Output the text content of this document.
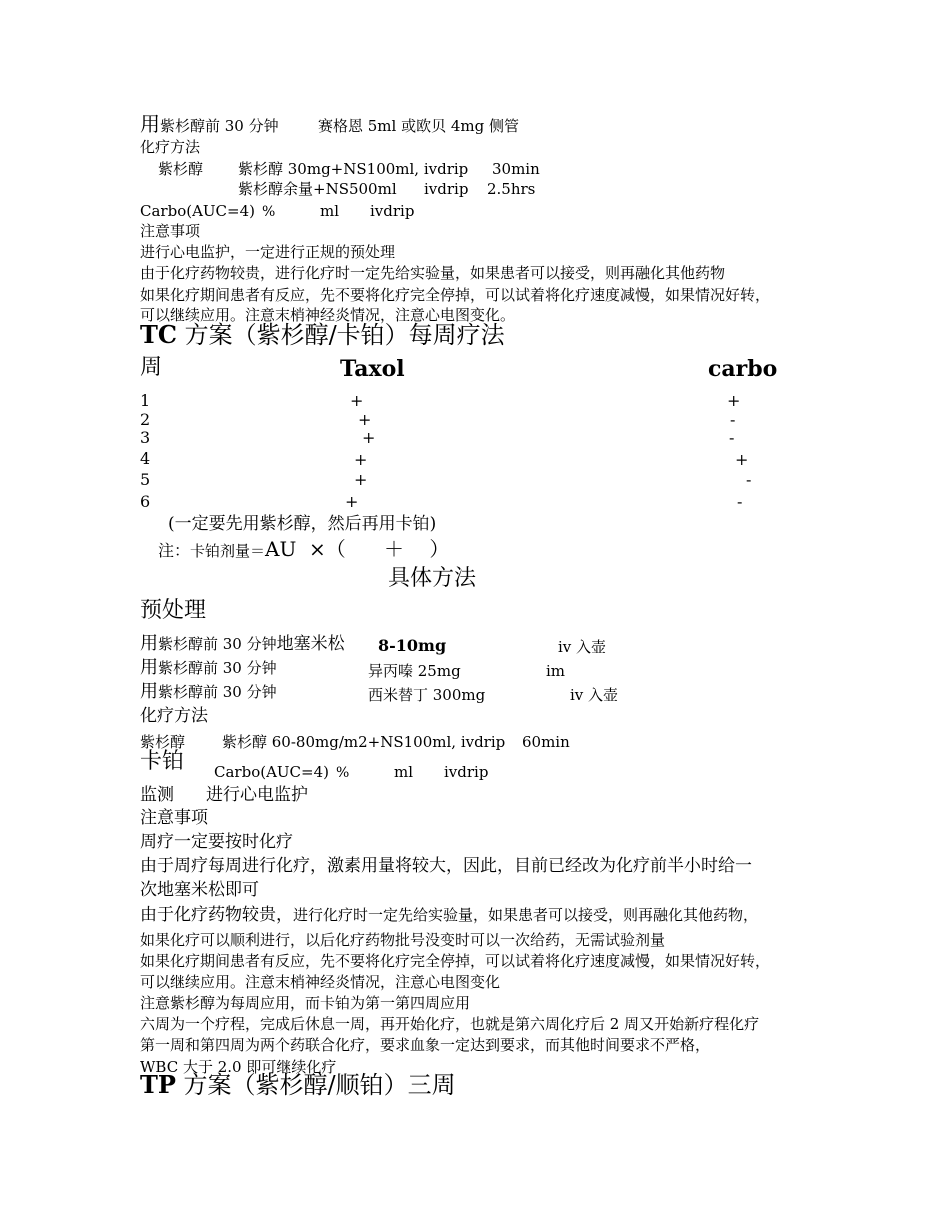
用紫杉醇前 30 分钟	赛格恩 5ml 或欧贝 4mg 侧管
化疗方法
紫杉醇 紫杉醇 30mg+NS100ml, ivdrip 30min
紫杉醇余量+NS500ml ivdrip 2.5hrs
Carbo(AUC=4) %	ml ivdrip
注意事项
进行心电监护，一定进行正规的预处理
由于化疗药物较贵，进行化疗时一定先给实验量，如果患者可以接受，则再融化其他药物
如果化疗期间患者有反应，先不要将化疗完全停掉，可以试着将化疗速度减慢，如果情况好转，
可以继续应用。注意末梢神经炎情况，注意心电图变化。
TC 方案（紫杉醇/卡铂）每周疗法
周	Taxol	carbo
1	+	+
2	+	-
3	+	-
4	+	+
5	+	-
6	+	-
(一定要先用紫杉醇，然后再用卡铂)
注：卡铂剂量＝AU  ×（      ＋    ）
具体方法
预处理
用紫杉醇前 30 分钟地塞米松 8-10mg	iv 入壶
用紫杉醇前 30 分钟	异丙嗪 25mg	im
用紫杉醇前 30 分钟	西米替丁 300mg	iv 入壶
化疗方法
紫杉醇 紫杉醇 60-80mg/m2+NS100ml, ivdrip 60min
卡铂 Carbo(AUC=4) %	ml ivdrip
监测 进行心电监护
注意事项
周疗一定要按时化疗
由于周疗每周进行化疗，激素用量将较大，因此，目前已经改为化疗前半小时给一
次地塞米松即可
由于化疗药物较贵，进行化疗时一定先给实验量，如果患者可以接受，则再融化其他药物，
如果化疗可以顺利进行，以后化疗药物批号没变时可以一次给药，无需试验剂量
如果化疗期间患者有反应，先不要将化疗完全停掉，可以试着将化疗速度减慢，如果情况好转，
可以继续应用。注意末梢神经炎情况，注意心电图变化
注意紫杉醇为每周应用，而卡铂为第一第四周应用
六周为一个疗程，完成后休息一周，再开始化疗，也就是第六周化疗后 2 周又开始新疗程化疗
第一周和第四周为两个药联合化疗，要求血象一定达到要求，而其他时间要求不严格，
WBC 大于 2.0 即可继续化疗
TP 方案（紫杉醇/顺铂）三周
